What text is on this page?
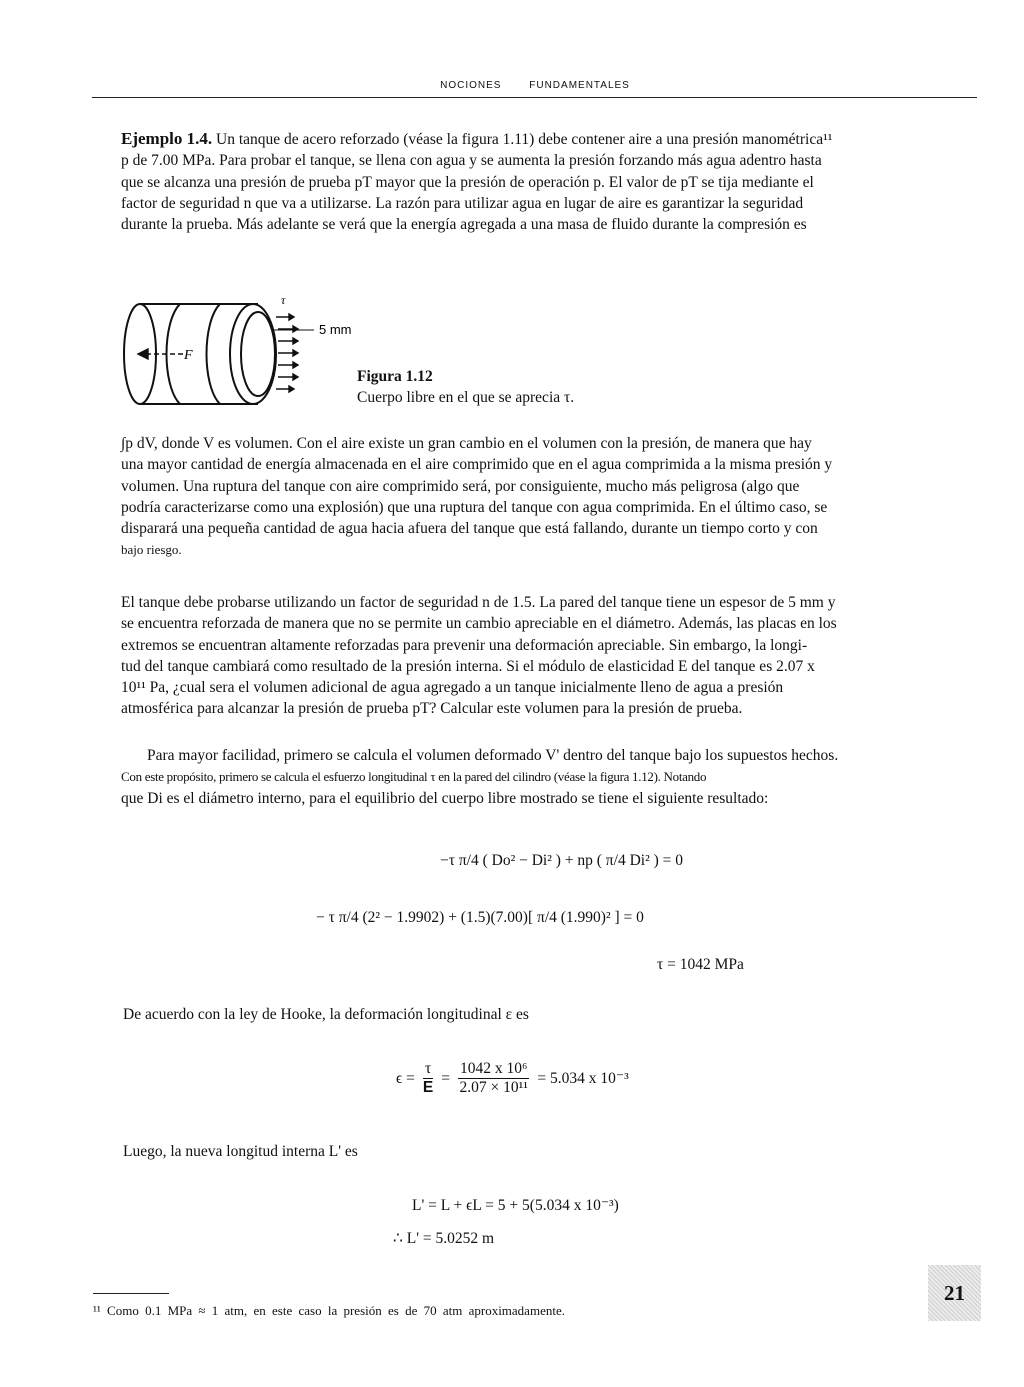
NOCIONES	FUNDAMENTALES
Ejemplo 1.4. Un tanque de acero reforzado (véase la figura 1.11) debe contener aire a una presión manométrica¹¹
p de 7.00 MPa. Para probar el tanque, se llena con agua y se aumenta la presión forzando más agua adentro hasta
que se alcanza una presión de prueba pT mayor que la presión de operación p. El valor de pT se tija mediante el
factor de seguridad n que va a utilizarse. La razón para utilizar agua en lugar de aire es garantizar la seguridad
durante la prueba. Más adelante se verá que la energía agregada a una masa de fluido durante la compresión es
τ
F
5 mm
Figura 1.12
Cuerpo libre en el que se aprecia τ.
∫p dV, donde V es volumen. Con el aire existe un gran cambio en el volumen con la presión, de manera que hay
una mayor cantidad de energía almacenada en el aire comprimido que en el agua comprimida a la misma presión y
volumen. Una ruptura del tanque con aire comprimido será, por consiguiente, mucho más peligrosa (algo que
podría caracterizarse como una explosión) que una ruptura del tanque con agua comprimida. En el último caso, se
disparará una pequeña cantidad de agua hacia afuera del tanque que está fallando, durante un tiempo corto y con
bajo riesgo.
El tanque debe probarse utilizando un factor de seguridad n de 1.5. La pared del tanque tiene un espesor de 5 mm y
se encuentra reforzada de manera que no se permite un cambio apreciable en el diámetro. Además, las placas en los
extremos se encuentran altamente reforzadas para prevenir una deformación apreciable. Sin embargo, la longi-
tud del tanque cambiará como resultado de la presión interna. Si el módulo de elasticidad E del tanque es 2.07 x
10¹¹ Pa, ¿cual sera el volumen adicional de agua agregado a un tanque inicialmente lleno de agua a presión
atmosférica para alcanzar la presión de prueba pT? Calcular este volumen para la presión de prueba.
Para mayor facilidad, primero se calcula el volumen deformado V' dentro del tanque bajo los supuestos hechos.
Con este propósito, primero se calcula el esfuerzo longitudinal τ en la pared del cilindro (véase la figura 1.12). Notando
que Di es el diámetro interno, para el equilibrio del cuerpo libre mostrado se tiene el siguiente resultado:
−τ π/4 ( Do² − Di² ) + np ( π/4 Di² ) = 0
− τ π/4 (2² − 1.9902) + (1.5)(7.00)[ π/4 (1.990)² ] = 0
τ = 1042 MPa
De acuerdo con la ley de Hooke, la deformación longitudinal ε es
$\epsilon = \frac{\tau}{E} = \frac{\text{1042 x 10⁶}}{\text{2.07 × 10¹¹}} = 5.034$ x 10⁻³
Luego, la nueva longitud interna L' es
L' = L + ϵL = 5 + 5(5.034 x 10⁻³)
∴ L' = 5.0252 m
¹¹ Como 0.1 MPa ≈ 1 atm, en este caso la presión es de 70 atm aproximadamente.
21
